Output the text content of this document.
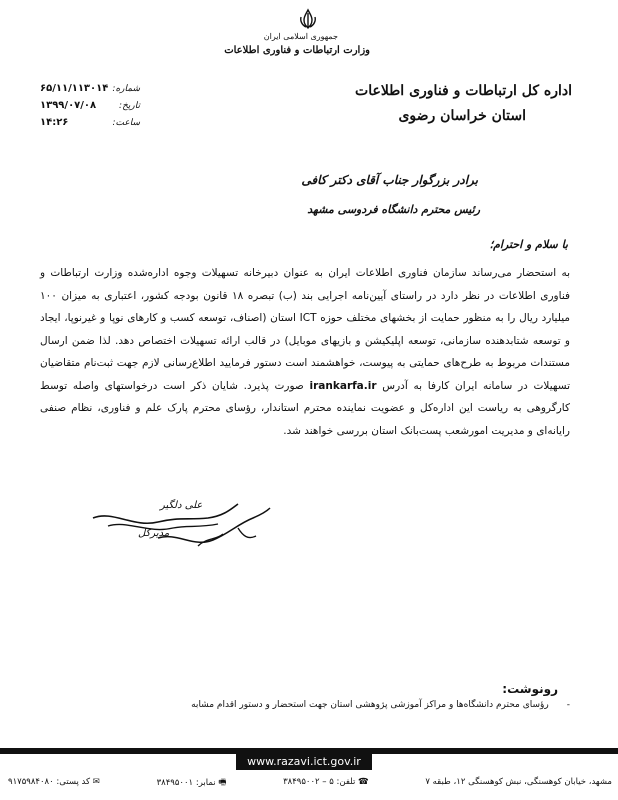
جمهوری اسلامی ایران
وزارت ارتباطات و فناوری اطلاعات
اداره کل ارتباطات و فناوری اطلاعات
استان خراسان رضوی
شماره:
۶۵/۱۱/۱۱۳۰۱۴
تاریخ:
۱۳۹۹/۰۷/۰۸
ساعت:
۱۴:۲۶
برادر بزرگوار جناب آقای دکتر کافی
رئیس محترم دانشگاه فردوسی مشهد
با سلام و احترام؛
به استحضار می‌رساند سازمان فناوری اطلاعات ایران به عنوان دبیرخانه تسهیلات وجوه اداره‌شده وزارت ارتباطات و فناوری اطلاعات در نظر دارد در راستای آیین‌نامه اجرایی بند (ب) تبصره ۱۸ قانون بودجه کشور، اعتباری به میزان ۱۰۰ میلیارد ریال را به منظور حمایت از بخشهای مختلف حوزه ICT استان (اصناف، توسعه کسب و کارهای نوپا و غیرنوپا، ایجاد و توسعه شتابدهنده سازمانی، توسعه اپلیکیشن و بازیهای موبایل) در قالب ارائه تسهیلات اختصاص دهد. لذا ضمن ارسال مستندات مربوط به طرح‌های حمایتی به پیوست، خواهشمند است دستور فرمایید اطلاع‌رسانی لازم جهت ثبت‌نام متقاضیان تسهیلات در سامانه ایران کارفا به آدرس irankarfa.ir صورت پذیرد. شایان ذکر است درخواستهای واصله توسط کارگروهی به ریاست این اداره‌کل و عضویت نماینده محترم استاندار، رؤسای محترم پارک علم و فناوری، نظام صنفی رایانه‌ای و مدیریت امورشعب پست‌بانک استان بررسی خواهند شد.
علی دلگیر
مدیرکل
رونوشت:
-
رؤسای محترم دانشگاه‌ها و مراکز آموزشی پژوهشی استان جهت استحضار و دستور اقدام مشابه
www.razavi.ict.gov.ir
مشهد، خیابان کوهسنگی، نبش کوهسنگی ۱۲، طبقه ۷
☎ تلفن: ۵ – ۳۸۴۹۵۰۰۲
🖷 نمابر: ۳۸۴۹۵۰۰۱
✉ کد پستی: ۹۱۷۵۹۸۴۰۸۰
